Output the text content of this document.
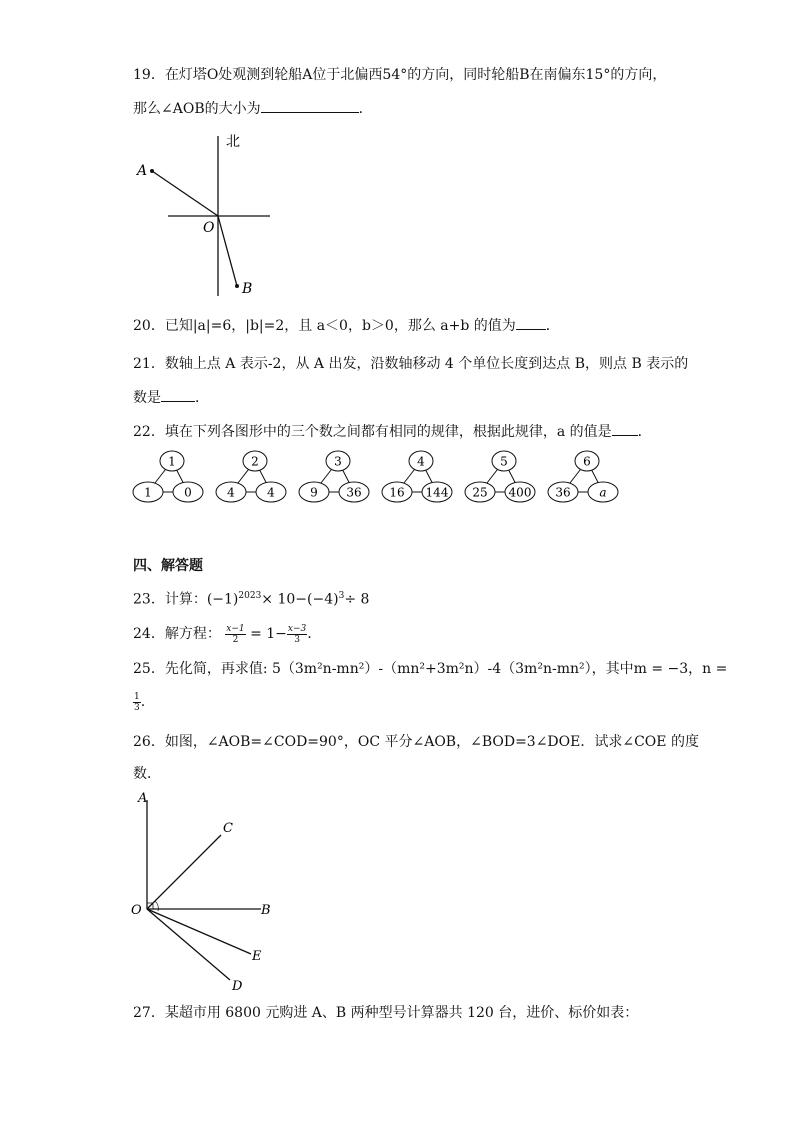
19．在灯塔O处观测到轮船A位于北偏西54°的方向，同时轮船B在南偏东15°的方向，
那么∠AOB的大小为	．
北
A
O
B
20．已知|a|=6，|b|=2，且 a＜0，b＞0，那么 a+b 的值为 ．
21．数轴上点 A 表示-2，从 A 出发，沿数轴移动 4 个单位长度到达点 B，则点 B 表示的
数是 ．
22．填在下列各图形中的三个数之间都有相同的规律，根据此规律，a 的值是 ．
1
1	0
2
4	4
3
9 36
4
16 144
5
25 400
6
36 a
四、解答题
23．计算：$(-1)^{2023}\times 10-(-4)^3\div 8$
24．解方程： $\frac{x-1}{2} = 1- \frac{x-3}{3}$ .
25．先化简，再求值: 5（3m²n-mn²）-（mn²+3m²n）-4（3m²n-mn²），其中m = −3，n =
$\frac{1}{3}$ .
26．如图，∠AOB=∠COD=90°，OC 平分∠AOB，∠BOD=3∠DOE．试求∠COE 的度
数．
A
C
O	B
E
D
27．某超市用 6800 元购进 A、B 两种型号计算器共 120 台，进价、标价如表：
